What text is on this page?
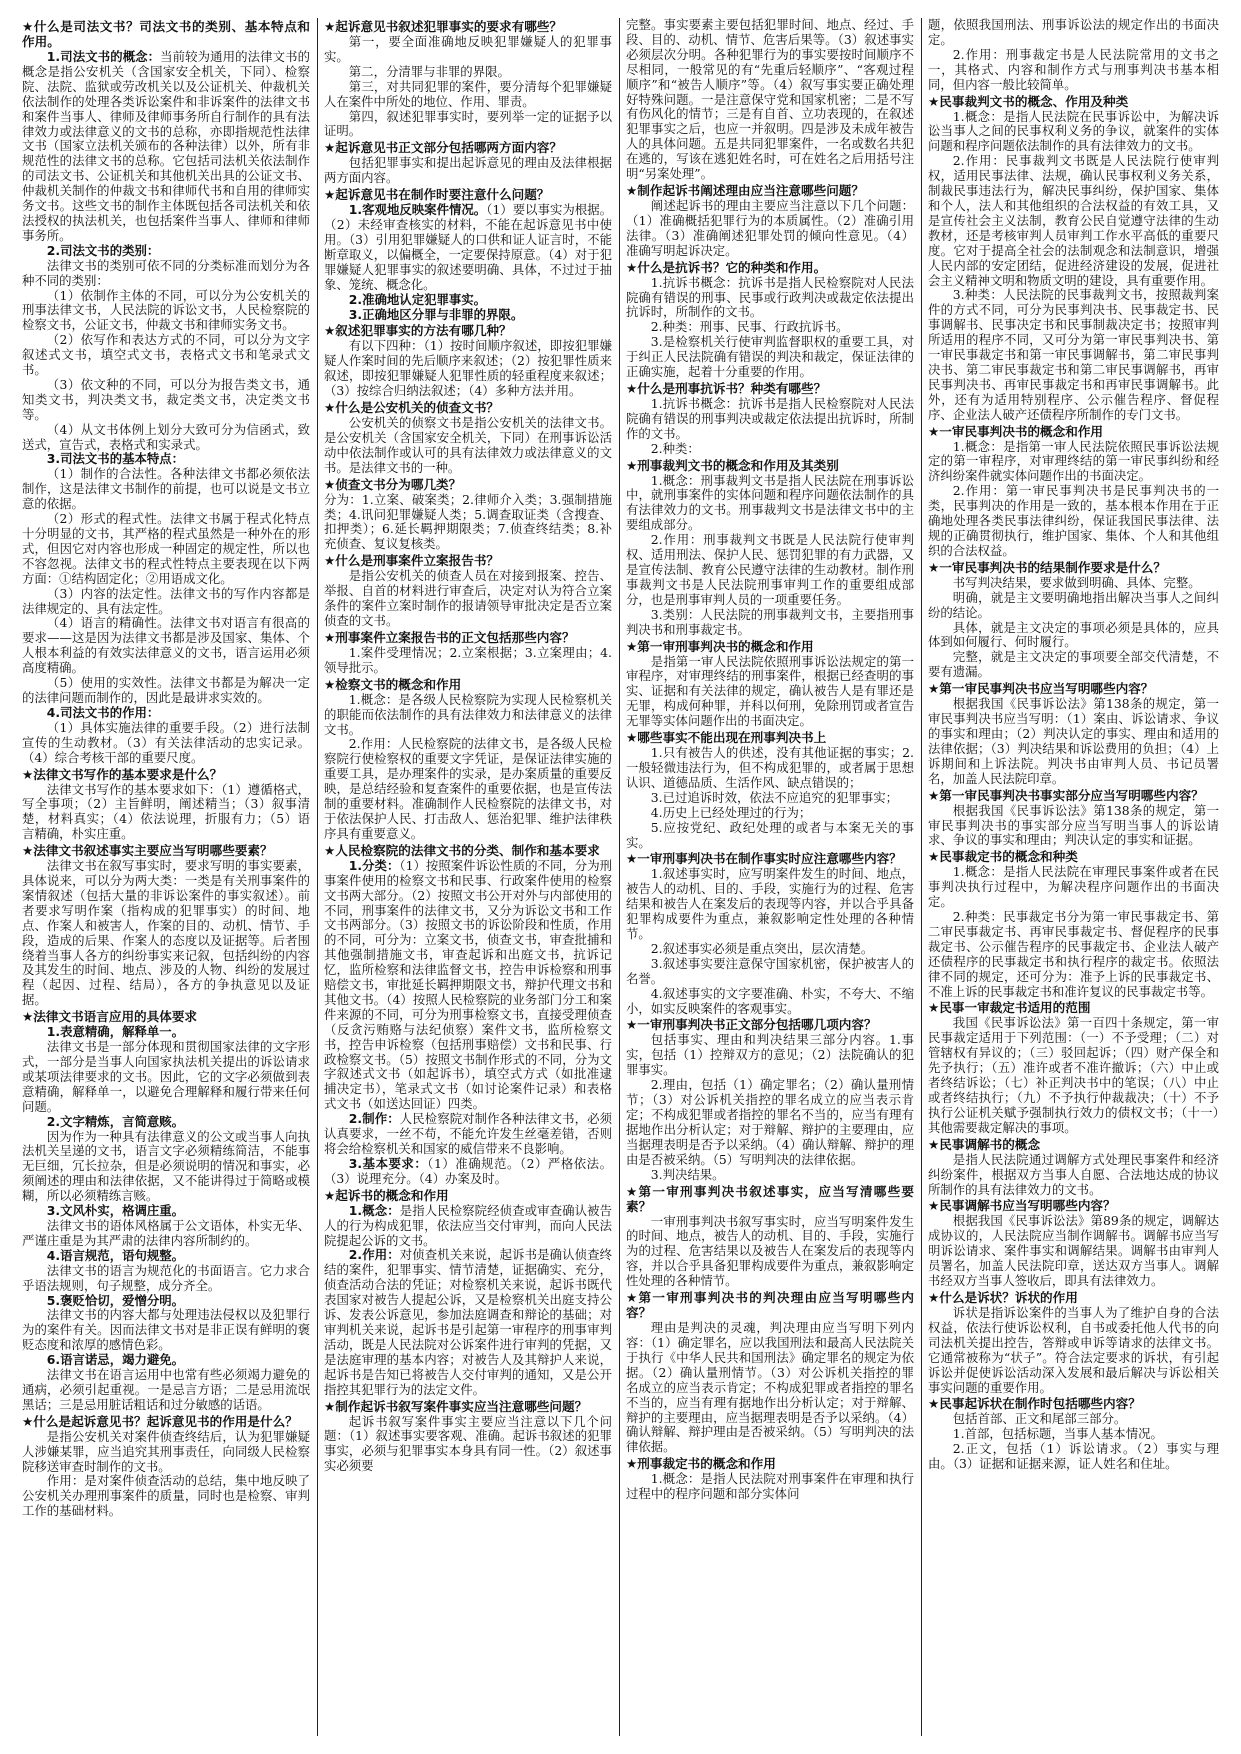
★什么是司法文书？司法文书的类别、基本特点和作用。
1.司法文书的概念：当前较为通用的法律文书的概念是指公安机关（含国家安全机关，下同）、检察院、法院、监狱或劳改机关以及公证机关、仲裁机关依法制作的处理各类诉讼案件和非诉案件的法律文书和案件当事人、律师及律师事务所自行制作的具有法律效力或法律意义的文书的总称，亦即指规范性法律文书（国家立法机关颁布的各种法律）以外，所有非规范性的法律文书的总称。它包括司法机关依法制作的司法文书、公证机关和其他机关出具的公证文书、仲裁机关制作的仲裁文书和律师代书和自用的律师实务文书。这些文书的制作主体既包括各司法机关和依法授权的执法机关，也包括案件当事人、律师和律师事务所。
2.司法文书的类别：
法律文书的类别可依不同的分类标准而划分为各种不同的类别：
（1）依制作主体的不同，可以分为公安机关的刑事法律文书，人民法院的诉讼文书，人民检察院的检察文书，公证文书，仲裁文书和律师实务文书。
（2）依写作和表达方式的不同，可以分为文字叙述式文书，填空式文书，表格式文书和笔录式文书。
（3）依文种的不同，可以分为报告类文书，通知类文书，判决类文书，裁定类文书，决定类文书等。
（4）从文书体例上划分大致可分为信函式，致送式，宣告式，表格式和实录式。
3.司法文书的基本特点：
（1）制作的合法性。各种法律文书都必须依法制作，这是法律文书制作的前提，也可以说是文书立意的依据。
（2）形式的程式性。法律文书属于程式化特点十分明显的文书，其严格的程式虽然是一种外在的形式，但因它对内容也形成一种固定的规定性，所以也不容忽视。法律文书的程式性特点主要表现在以下两方面：①结构固定化；②用语成文化。
（3）内容的法定性。法律文书的写作内容都是法律规定的、具有法定性。
（4）语言的精确性。法律文书对语言有很高的要求——这是因为法律文书都是涉及国家、集体、个人根本利益的有效实法律意义的文书，语言运用必须高度精确。
（5）使用的实效性。法律文书都是为解决一定的法律问题而制作的，因此是最讲求实效的。
4.司法文书的作用：
（1）具体实施法律的重要手段。（2）进行法制宣传的生动教材。（3）有关法律活动的忠实记录。（4）综合考核干部的重要尺度。
★法律文书写作的基本要求是什么？
法律文书写作的基本要求如下：（1）遵循格式，写全事项；（2）主旨鲜明，阐述精当；（3）叙事清楚，材料真实；（4）依法说理，折服有力；（5）语言精确，朴实庄重。
★法律文书叙述事实主要应当写明哪些要素？
法律文书在叙写事实时，要求写明的事实要素，具体说来，可以分为两大类：一类是有关刑事案件的案情叙述（包括大量的非诉讼案件的事实叙述）。前者要求写明作案（指构成的犯罪事实）的时间、地点、作案人和被害人，作案的目的、动机、情节、手段，造成的后果、作案人的态度以及证据等。后者围绕着当事人各方的纠纷事实来记叙，包括纠纷的内容及其发生的时间、地点、涉及的人物、纠纷的发展过程（起因、过程、结局），各方的争执意见以及证据。
★法律文书语言应用的具体要求
1.表意精确，解释单一。
法律文书是一部分体现和贯彻国家法律的文字形式，一部分是当事人向国家执法机关提出的诉讼请求或某项法律要求的文书。因此，它的文字必须做到表意精确，解释单一，以避免合理解释和履行带来任何问题。
2.文字精炼，言简意赅。
因为作为一种具有法律意义的公文或当事人向执法机关呈递的文书，语言文字必须精练简洁，不能事无巨细，冗长拉杂，但是必须说明的情况和事实，必须阐述的理由和法律依据，又不能讲得过于简略或模糊，所以必须精练言赅。
3.文风朴实，格调庄重。
法律文书的语体风格属于公文语体，朴实无华、严谨庄重是为其严肃的法律内容所制约的。
4.语言规范，语句规整。
法律文书的语言为规范化的书面语言。它力求合乎语法规则，句子规整，成分齐全。
5.褒贬恰切，爱憎分明。
法律文书的内容大都与处理违法侵权以及犯罪行为的案件有关。因而法律文书对是非正误有鲜明的褒贬态度和浓厚的感情色彩。
6.语言诺忌，竭力避免。
法律文书在语言运用中也常有些必须竭力避免的通病，必须引起重视。一是忌言方语；二是忌用流氓黑话；三是忌用脏话粗话和过分敏感的话语。
★什么是起诉意见书？起诉意见书的作用是什么？
是指公安机关对案件侦查终结后，认为犯罪嫌疑人涉嫌某罪，应当追究其刑事责任，向同级人民检察院移送审查时制作的文书。
作用：是对案件侦查活动的总结，集中地反映了公安机关办理刑事案件的质量，同时也是检察、审判工作的基础材料。
★起诉意见书叙述犯罪事实的要求有哪些？
第一，要全面准确地反映犯罪嫌疑人的犯罪事实。
第二，分清罪与非罪的界限。
第三，对共同犯罪的案件，要分清每个犯罪嫌疑人在案件中所处的地位、作用、罪责。
第四，叙述犯罪事实时，要列举一定的证据予以证明。
★起诉意见书正文部分包括哪两方面内容？
包括犯罪事实和提出起诉意见的理由及法律根据两方面内容。
★起诉意见书在制作时要注意什么问题？
1.客观地反映案件情况。（1）要以事实为根据。（2）未经审查核实的材料，不能在起诉意见书中使用。（3）引用犯罪嫌疑人的口供和证人证言时，不能断章取义，以偏概全，一定要保持原意。（4）对于犯罪嫌疑人犯罪事实的叙述要明确、具体，不过过于抽象、笼统、概念化。
2.准确地认定犯罪事实。
3.正确地区分罪与非罪的界限。
★叙述犯罪事实的方法有哪几种？
有以下四种：（1）按时间顺序叙述，即按犯罪嫌疑人作案时间的先后顺序来叙述；（2）按犯罪性质来叙述，即按犯罪嫌疑人犯罪性质的轻重程度来叙述；（3）按综合归纳法叙述；（4）多种方法并用。
★什么是公安机关的侦查文书？
公安机关的侦察文书是指公安机关的法律文书。是公安机关（含国家安全机关，下同）在刑事诉讼活动中依法制作或认可的具有法律效力或法律意义的文书。是法律文书的一种。
★侦查文书分为哪几类？
分为：1.立案、破案类；2.律师介入类；3.强制措施类；4.讯问犯罪嫌疑人类；5.调查取证类（含搜查、扣押类）；6.延长羁押期限类；7.侦查终结类；8.补充侦查、复议复核类。
★什么是刑事案件立案报告书？
是指公安机关的侦查人员在对接到报案、控告、举报、自首的材料进行审查后，决定对认为符合立案条件的案件立案时制作的报请领导审批决定是否立案侦查的文书。
★刑事案件立案报告书的正文包括那些内容？
1.案件受理情况；2.立案根据；3.立案理由；4.领导批示。
★检察文书的概念和作用
1.概念：是各级人民检察院为实现人民检察机关的职能而依法制作的具有法律效力和法律意义的法律文书。
2.作用：人民检察院的法律文书，是各级人民检察院行使检察权的重要文字凭证，是保证法律实施的重要工具，是办理案件的实录，是办案质量的重要反映，是总结经验和复查案件的重要依据，也是宣传法制的重要材料。准确制作人民检察院的法律文书，对于依法保护人民、打击敌人、惩治犯罪、维护法律秩序具有重要意义。
★人民检察院的法律文书的分类、制作和基本要求
1.分类：（1）按照案件诉讼性质的不同，分为刑事案件使用的检察文书和民事、行政案件使用的检察文书两大部分。（2）按照文书公开对外与内部使用的不同，刑事案件的法律文书，又分为诉讼文书和工作文书两部分。（3）按照文书的诉讼阶段和性质，作用的不同，可分为：立案文书，侦查文书，审查批捕和其他强制措施文书，审查起诉和出庭文书，抗诉记忆，监所检察和法律监督文书，控告申诉检察和刑事赔偿文书，审批延长羁押期限文书，辩护代理文书和其他文书。（4）按照人民检察院的业务部门分工和案件来源的不同，可分为刑事检察文书，直接受理侦查（反贪污贿赂与法纪侦察）案件文书，监所检察文书，控告申诉检察（包括刑事赔偿）文书和民事、行政检察文书。（5）按照文书制作形式的不同，分为文字叙述式文书（如起诉书），填空式方式（如批准逮捕决定书），笔录式文书（如讨论案件记录）和表格式文书（如送达回证）四类。
2.制作：人民检察院对制作各种法律文书，必须认真要求，一丝不苟，不能允许发生丝毫差错，否则将会给检察机关和国家的威信带来不良影响。
3.基本要求：（1）准确规范。（2）严格依法。（3）说理充分。（4）办案及时。
★起诉书的概念和作用
1.概念：是指人民检察院经侦查或审查确认被告人的行为构成犯罪，依法应当交付审判，而向人民法院提起公诉的文书。
2.作用：对侦查机关来说，起诉书是确认侦查终结的案件，犯罪事实、情节清楚，证据确实、充分，侦查活动合法的凭证；对检察机关来说，起诉书既代表国家对被告人提起公诉，又是检察机关出庭支持公诉、发表公诉意见，参加法庭调查和辩论的基础；对审判机关来说，起诉书是引起第一审程序的刑事审判活动，既是人民法院对公诉案件进行审判的凭据，又是法庭审理的基本内容；对被告人及其辩护人来说，起诉书是告知已将被告人交付审判的通知，又是公开指控其犯罪行为的法定文件。
★制作起诉书叙写案件事实应当注意哪些问题？
起诉书叙写案件事实主要应当注意以下几个问题：（1）叙述事实要客观、准确。起诉书叙述的犯罪事实，必须与犯罪事实本身具有同一性。（2）叙述事实必须要
完整。事实要素主要包括犯罪时间、地点、经过、手段、目的、动机、情节、危害后果等。（3）叙述事实必须层次分明。各种犯罪行为的事实要按时间顺序不尽相同，一般常见的有“先重后轻顺序”、“客观过程顺序”和“被告人顺序”等。（4）叙写事实要正确处理好特殊问题。一是注意保守党和国家机密；二是不写有伤风化的情节；三是有自首、立功表现的，在叙述犯罪事实之后，也应一并叙明。四是涉及未成年被告人的具体问题。五是共同犯罪案件，一名或数名共犯在逃的，写该在逃犯姓名时，可在姓名之后用括号注明“另案处理”。
★制作起诉书阐述理由应当注意哪些问题？
阐述起诉书的理由主要应当注意以下几个问题：（1）准确概括犯罪行为的本质属性。（2）准确引用法律。（3）准确阐述犯罪处罚的倾向性意见。（4）准确写明起诉决定。
★什么是抗诉书？它的种类和作用。
1.抗诉书概念：抗诉书是指人民检察院对人民法院确有错误的刑事、民事或行政判决或裁定依法提出抗诉时，所制作的文书。
2.种类：刑事、民事、行政抗诉书。
3.是检察机关行使审判监督职权的重要工具，对于纠正人民法院确有错误的判决和裁定，保证法律的正确实施，起着十分重要的作用。
★什么是刑事抗诉书？种类有哪些？
1.抗诉书概念：抗诉书是指人民检察院对人民法院确有错误的刑事判决或裁定依法提出抗诉时，所制作的文书。
2.种类：
★刑事裁判文书的概念和作用及其类别
1.概念：刑事裁判文书是指人民法院在刑事诉讼中，就刑事案件的实体问题和程序问题依法制作的具有法律效力的文书。刑事裁判文书是法律文书中的主要组成部分。
2.作用：刑事裁判文书既是人民法院行使审判权、适用刑法、保护人民、惩罚犯罪的有力武器，又是宣传法制、教育公民遵守法律的生动教材。制作刑事裁判文书是人民法院刑事审判工作的重要组成部分，也是刑事审判人员的一项重要任务。
3.类别：人民法院的刑事裁判文书，主要指刑事判决书和刑事裁定书。
★第一审刑事判决书的概念和作用
是指第一审人民法院依照刑事诉讼法规定的第一审程序，对审理终结的刑事案件，根据已经查明的事实、证据和有关法律的规定，确认被告人是有罪还是无罪，构成何种罪，并科以何刑，免除刑罚或者宣告无罪等实体问题作出的书面决定。
★哪些事实不能出现在刑事判决书上
1.只有被告人的供述，没有其他证据的事实；2.一般轻微违法行为，但不构成犯罪的，或者属于思想认识、道德品质、生活作风、缺点错误的；
3.已过追诉时效，依法不应追究的犯罪事实；
4.历史上已经处理过的行为；
5.应按党纪、政纪处理的或者与本案无关的事实。
★一审刑事判决书在制作事实时应注意哪些内容？
1.叙述事实时，应写明案件发生的时间、地点，被告人的动机、目的、手段，实施行为的过程、危害结果和被告人在案发后的表现等内容，并以合乎具备犯罪构成要件为重点，兼叙影响定性处理的各种情节。
2.叙述事实必须是重点突出，层次清楚。
3.叙述事实要注意保守国家机密，保护被害人的名誉。
4.叙述事实的文字要准确、朴实，不夸大、不缩小，如实反映案件的客观事实。
★一审刑事判决书正文部分包括哪几项内容？
包括事实、理由和判决结果三部分内容。1.事实，包括（1）控辩双方的意见；（2）法院确认的犯罪事实。
2.理由，包括（1）确定罪名；（2）确认量刑情节；（3）对公诉机关指控的罪名成立的应当表示肯定；不构成犯罪或者指控的罪名不当的，应当有理有据地作出分析认定；对于辩解、辩护的主要理由，应当据理表明是否予以采纳。（4）确认辩解、辩护的理由是否被采纳。（5）写明判决的法律依据。
3.判决结果。
★第一审刑事判决书叙述事实，应当写清哪些要素？
一审刑事判决书叙写事实时，应当写明案件发生的时间、地点，被告人的动机、目的、手段，实施行为的过程、危害结果以及被告人在案发后的表现等内容，并以合乎具备犯罪构成要件为重点，兼叙影响定性处理的各种情节。
★第一审刑事判决书的判决理由应当写明哪些内容？
理由是判决的灵魂，判决理由应当写明下列内容：（1）确定罪名，应以我国刑法和最高人民法院关于执行《中华人民共和国刑法》确定罪名的规定为依据。（2）确认量刑情节。（3）对公诉机关指控的罪名成立的应当表示肯定；不构成犯罪或者指控的罪名不当的，应当有理有据地作出分析认定；对于辩解、辩护的主要理由，应当据理表明是否予以采纳。（4）确认辩解、辩护理由是否被采纳。（5）写明判决的法律依据。
★刑事裁定书的概念和作用
1.概念：是指人民法院对刑事案件在审理和执行过程中的程序问题和部分实体问
题，依照我国刑法、刑事诉讼法的规定作出的书面决定。
2.作用：刑事裁定书是人民法院常用的文书之一，其格式、内容和制作方式与刑事判决书基本相同，但内容一般比较简单。
★民事裁判文书的概念、作用及种类
1.概念：是指人民法院在民事诉讼中，为解决诉讼当事人之间的民事权利义务的争议，就案件的实体问题和程序问题依法制作的具有法律效力的文书。
2.作用：民事裁判文书既是人民法院行使审判权，适用民事法律、法规，确认民事权利义务关系，制裁民事违法行为，解决民事纠纷，保护国家、集体和个人，法人和其他组织的合法权益的有效工具，又是宣传社会主义法制，教育公民自觉遵守法律的生动教材，还是考核审判人员审判工作水平高低的重要尺度。它对于提高全社会的法制观念和法制意识，增强人民内部的安定团结，促进经济建设的发展，促进社会主义精神文明和物质文明的建设，具有重要作用。
3.种类：人民法院的民事裁判文书，按照裁判案件的方式不同，可分为民事判决书、民事裁定书、民事调解书、民事决定书和民事制裁决定书；按照审判所适用的程序不同，又可分为第一审民事判决书、第一审民事裁定书和第一审民事调解书，第二审民事判决书、第二审民事裁定书和第二审民事调解书，再审民事判决书、再审民事裁定书和再审民事调解书。此外，还有为适用特别程序、公示催告程序、督促程序、企业法人破产还债程序所制作的专门文书。
★一审民事判决书的概念和作用
1.概念：是指第一审人民法院依照民事诉讼法规定的第一审程序，对审理终结的第一审民事纠纷和经济纠纷案件就实体问题作出的书面决定。
2.作用：第一审民事判决书是民事判决书的一类，民事判决的作用是一致的，基本根本作用在于正确地处理各类民事法律纠纷，保证我国民事法律、法规的正确贯彻执行，维护国家、集体、个人和其他组织的合法权益。
★一审民事判决书的结果制作要求是什么？
书写判决结果，要求做到明确、具体、完整。
明确，就是主文要明确地指出解决当事人之间纠纷的结论。
具体，就是主文决定的事项必须是具体的，应具体到如何履行、何时履行。
完整，就是主文决定的事项要全部交代清楚，不要有遗漏。
★第一审民事判决书应当写明哪些内容？
根据我国《民事诉讼法》第138条的规定，第一审民事判决书应当写明：（1）案由、诉讼请求、争议的事实和理由；（2）判决认定的事实、理由和适用的法律依据；（3）判决结果和诉讼费用的负担；（4）上诉期间和上诉法院。判决书由审判人员、书记员署名，加盖人民法院印章。
★第一审民事判决书事实部分应当写明哪些内容？
根据我国《民事诉讼法》第138条的规定，第一审民事判决书的事实部分应当写明当事人的诉讼请求、争议的事实和理由；判决认定的事实和证据。
★民事裁定书的概念和种类
1.概念：是指人民法院在审理民事案件或者在民事判决执行过程中，为解决程序问题作出的书面决定。
2.种类：民事裁定书分为第一审民事裁定书、第二审民事裁定书、再审民事裁定书、督促程序的民事裁定书、公示催告程序的民事裁定书、企业法人破产还债程序的民事裁定书和执行程序的裁定书。依照法律不同的规定，还可分为：准予上诉的民事裁定书、不准上诉的民事裁定书和准许复议的民事裁定书等。
★民事一审裁定书适用的范围
我国《民事诉讼法》第一百四十条规定，第一审民事裁定适用于下列范围：（一）不予受理；（二）对管辖权有异议的；（三）驳回起诉；（四）财产保全和先予执行；（五）准许或者不准许撤诉；（六）中止或者终结诉讼；（七）补正判决书中的笔误；（八）中止或者终结执行；（九）不予执行仲裁裁决；（十）不予执行公证机关赋予强制执行效力的债权文书；（十一）其他需要裁定解决的事项。
★民事调解书的概念
是指人民法院通过调解方式处理民事案件和经济纠纷案件，根据双方当事人自愿、合法地达成的协议所制作的具有法律效力的文书。
★民事调解书应当写明哪些内容？
根据我国《民事诉讼法》第89条的规定，调解达成协议的，人民法院应当制作调解书。调解书应当写明诉讼请求、案件事实和调解结果。调解书由审判人员署名，加盖人民法院印章，送达双方当事人。调解书经双方当事人签收后，即具有法律效力。
★什么是诉状？诉状的作用
诉状是指诉讼案件的当事人为了维护自身的合法权益，依法行使诉讼权利，自书或委托他人代书的向司法机关提出控告，答辩或申诉等请求的法律文书。它通常被称为“状子”。符合法定要求的诉状，有引起诉讼并促使诉讼活动深入发展和最后解决与诉讼相关事实问题的重要作用。
★民事起诉状在制作时包括哪些内容？
包括首部、正文和尾部三部分。
1.首部，包括标题，当事人基本情况。
2.正文，包括（1）诉讼请求。（2）事实与理由。（3）证据和证据来源，证人姓名和住址。
